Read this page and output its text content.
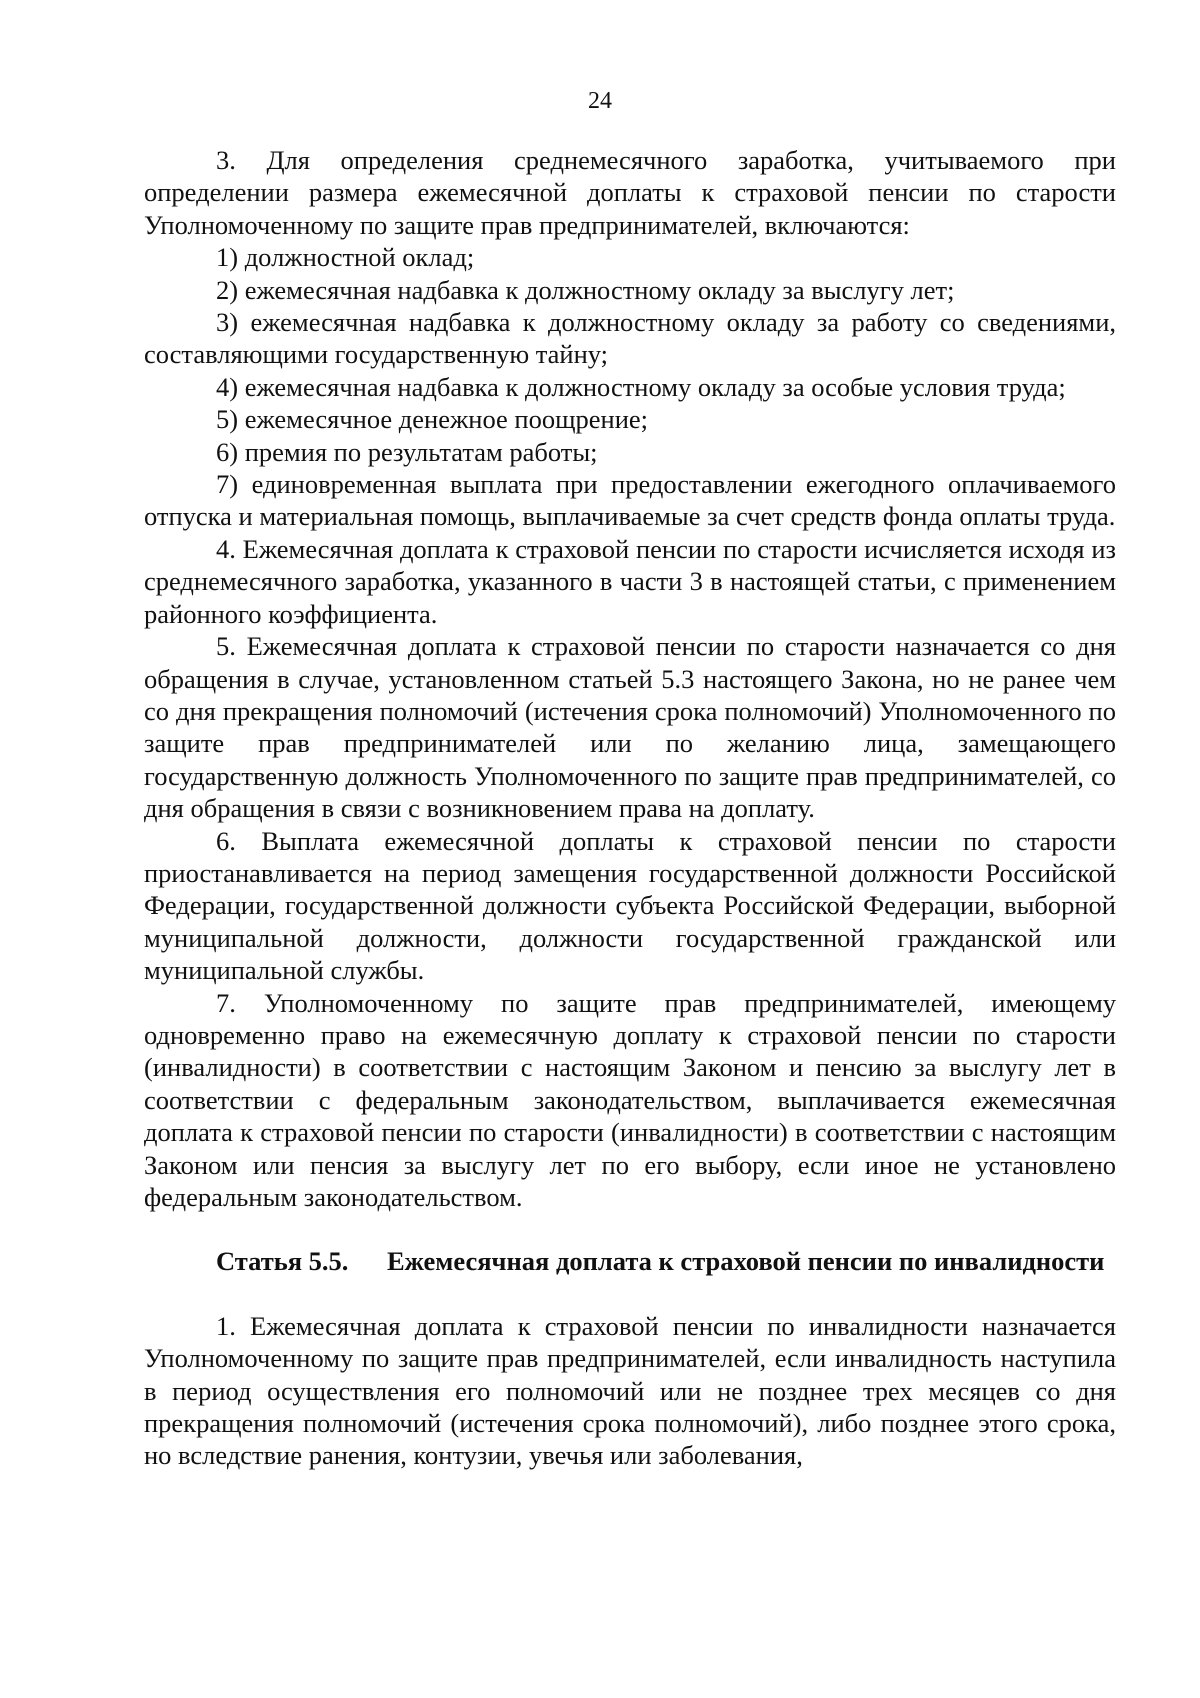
24

3. Для определения среднемесячного заработка, учитываемого при определении размера ежемесячной доплаты к страховой пенсии по старости Уполномоченному по защите прав предпринимателей, включаются:

1) должностной оклад;

2) ежемесячная надбавка к должностному окладу за выслугу лет;

3) ежемесячная надбавка к должностному окладу за работу со сведениями, составляющими государственную тайну;

4) ежемесячная надбавка к должностному окладу за особые условия труда;

5) ежемесячное денежное поощрение;

6) премия по результатам работы;

7) единовременная выплата при предоставлении ежегодного оплачиваемого отпуска и материальная помощь, выплачиваемые за счет средств фонда оплаты труда.

4. Ежемесячная доплата к страховой пенсии по старости исчисляется исходя из среднемесячного заработка, указанного в части 3 в настоящей статьи, с применением районного коэффициента.

5. Ежемесячная доплата к страховой пенсии по старости назначается со дня обращения в случае, установленном статьей 5.3 настоящего Закона, но не ранее чем со дня прекращения полномочий (истечения срока полномочий) Уполномоченного по защите прав предпринимателей или по желанию лица, замещающего государственную должность Уполномоченного по защите прав предпринимателей, со дня обращения в связи с возникновением права на доплату.

6. Выплата ежемесячной доплаты к страховой пенсии по старости приостанавливается на период замещения государственной должности Российской Федерации, государственной должности субъекта Российской Федерации, выборной муниципальной должности, должности государственной гражданской или муниципальной службы.

7. Уполномоченному по защите прав предпринимателей, имеющему одновременно право на ежемесячную доплату к страховой пенсии по старости (инвалидности) в соответствии с настоящим Законом и пенсию за выслугу лет в соответствии с федеральным законодательством, выплачивается ежемесячная доплата к страховой пенсии по старости (инвалидности) в соответствии с настоящим Законом или пенсия за выслугу лет по его выбору, если иное не установлено федеральным законодательством.

Статья 5.5.	Ежемесячная доплата к страховой пенсии по инвалидности

1. Ежемесячная доплата к страховой пенсии по инвалидности назначается Уполномоченному по защите прав предпринимателей, если инвалидность наступила в период осуществления его полномочий или не позднее трех месяцев со дня прекращения полномочий (истечения срока полномочий), либо позднее этого срока, но вследствие ранения, контузии, увечья или заболевания,
